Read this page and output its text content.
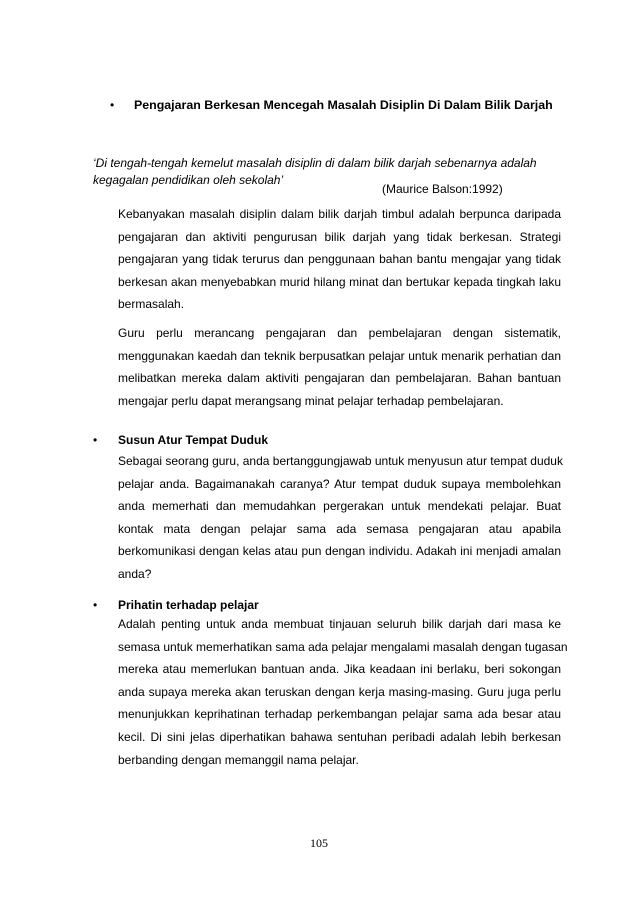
• Pengajaran Berkesan Mencegah Masalah Disiplin Di Dalam Bilik Darjah
‘Di tengah-tengah kemelut masalah disiplin di dalam bilik darjah sebenarnya adalah
kegagalan pendidikan oleh sekolah’
(Maurice Balson:1992)
Kebanyakan masalah disiplin dalam bilik darjah timbul adalah berpunca daripada
pengajaran dan aktiviti pengurusan bilik darjah yang tidak berkesan. Strategi
pengajaran yang tidak terurus dan penggunaan bahan bantu mengajar yang tidak
berkesan akan menyebabkan murid hilang minat dan bertukar kepada tingkah laku
bermasalah.
Guru perlu merancang pengajaran dan pembelajaran dengan sistematik,
menggunakan kaedah dan teknik berpusatkan pelajar untuk menarik perhatian dan
melibatkan mereka dalam aktiviti pengajaran dan pembelajaran. Bahan bantuan
mengajar perlu dapat merangsang minat pelajar terhadap pembelajaran.
• Susun Atur Tempat Duduk
Sebagai seorang guru, anda bertanggungjawab untuk menyusun atur tempat duduk
pelajar anda. Bagaimanakah caranya? Atur tempat duduk supaya membolehkan
anda memerhati dan memudahkan pergerakan untuk mendekati pelajar. Buat
kontak mata dengan pelajar sama ada semasa pengajaran atau apabila
berkomunikasi dengan kelas atau pun dengan individu. Adakah ini menjadi amalan
anda?
• Prihatin terhadap pelajar
Adalah penting untuk anda membuat tinjauan seluruh bilik darjah dari masa ke
semasa untuk memerhatikan sama ada pelajar mengalami masalah dengan tugasan
mereka atau memerlukan bantuan anda. Jika keadaan ini berlaku, beri sokongan
anda supaya mereka akan teruskan dengan kerja masing-masing. Guru juga perlu
menunjukkan keprihatinan terhadap perkembangan pelajar sama ada besar atau
kecil. Di sini jelas diperhatikan bahawa sentuhan peribadi adalah lebih berkesan
berbanding dengan memanggil nama pelajar.
105
